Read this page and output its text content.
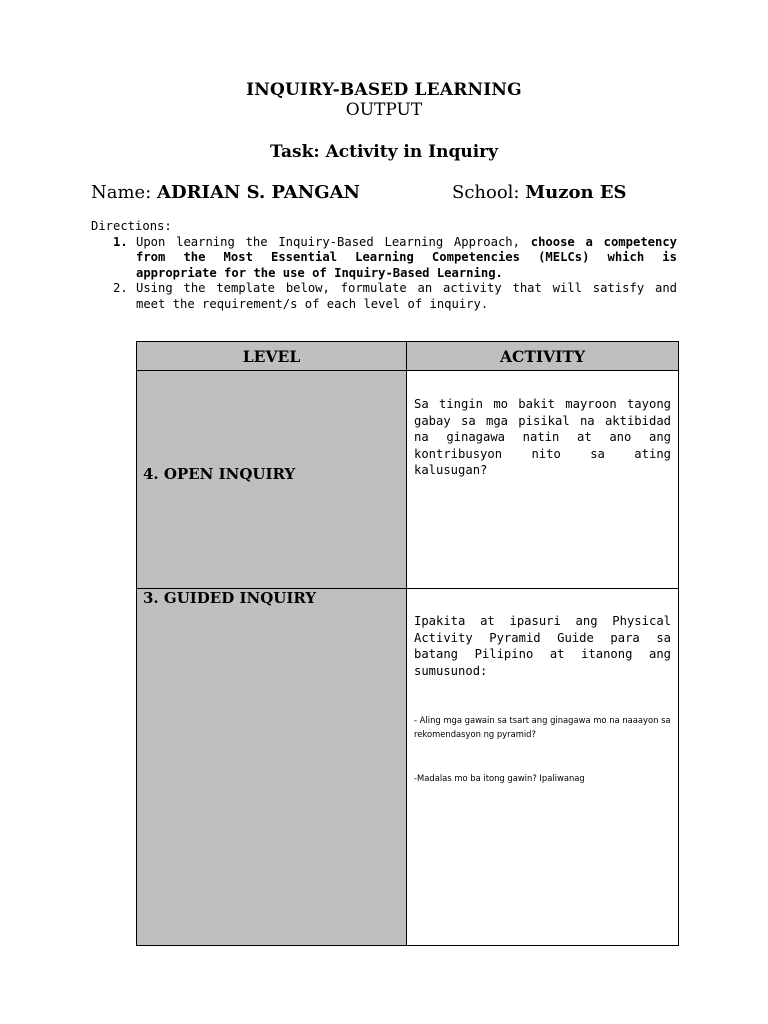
INQUIRY-BASED LEARNING
OUTPUT
Task: Activity in Inquiry
Name: ADRIAN S. PANGAN	School: Muzon ES
Directions:
1. Upon learning the Inquiry-Based Learning Approach, choose a competency from the Most Essential Learning Competencies (MELCs) which is appropriate for the use of Inquiry-Based Learning.
2. Using the template below, formulate an activity that will satisfy and meet the requirement/s of each level of inquiry.
LEVEL	ACTIVITY

4. OPEN INQUIRY	Sa tingin mo bakit mayroon tayong gabay sa mga pisikal na aktibidad na ginagawa natin at ano ang kontribusyon nito sa ating kalusugan?

3. GUIDED INQUIRY	Ipakita at ipasuri ang Physical Activity Pyramid Guide para sa batang Pilipino at itanong ang sumusunod:
- Aling mga gawain sa tsart ang ginagawa mo na naaayon sa rekomendasyon ng pyramid?
-Madalas mo ba itong gawin? Ipaliwanag
